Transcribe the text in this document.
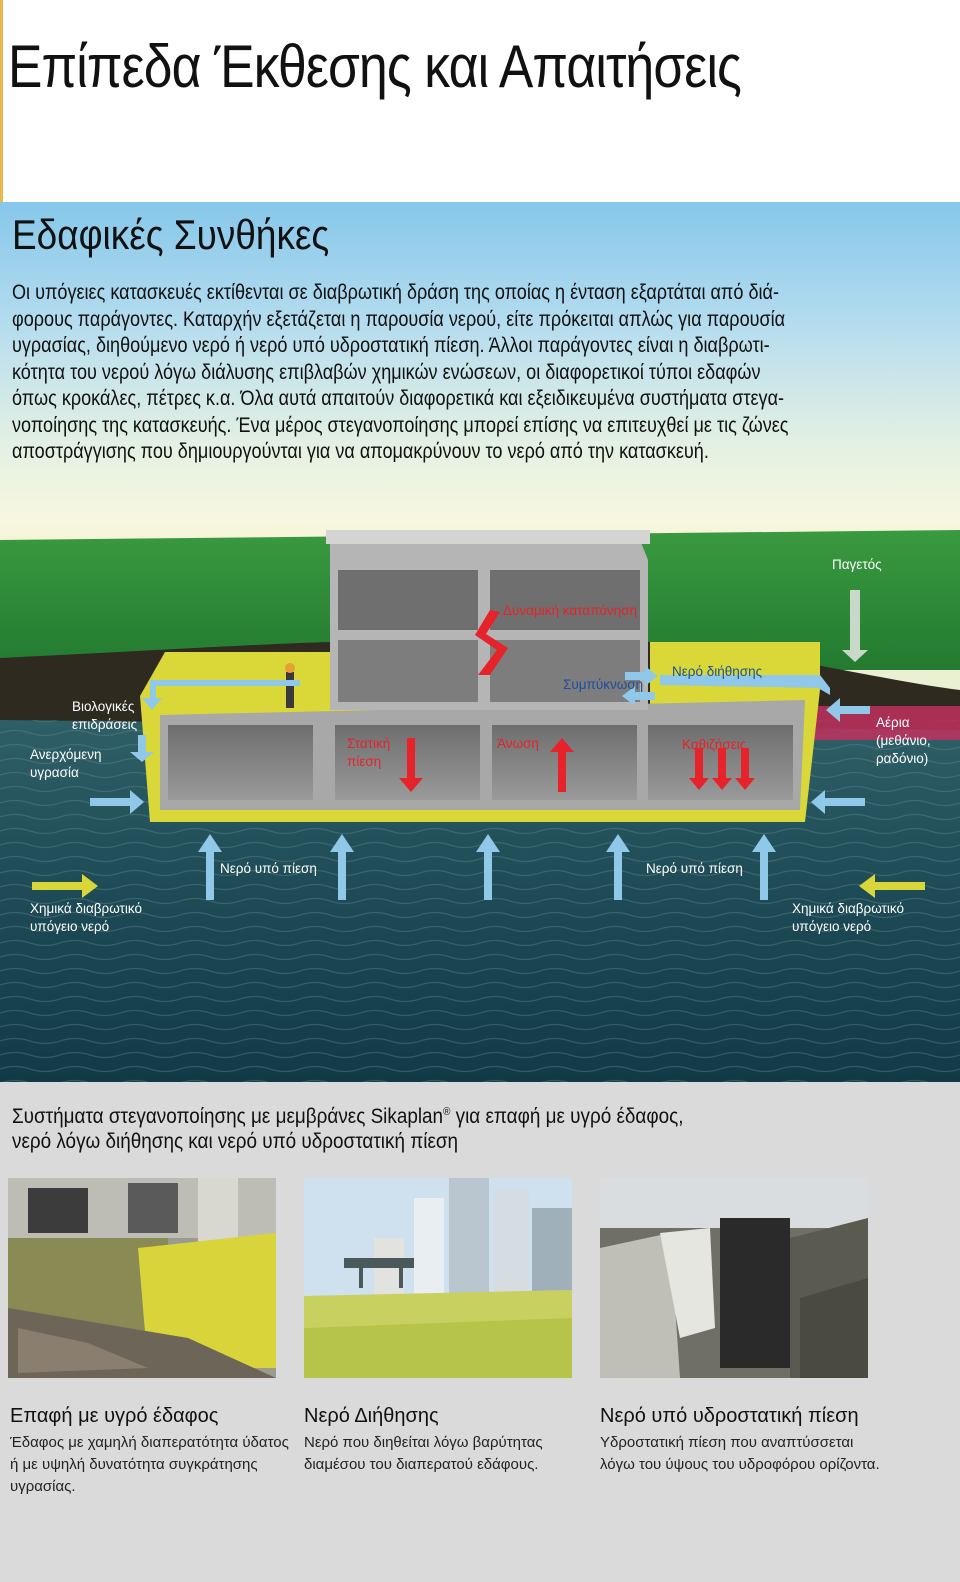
Επίπεδα Έκθεσης και Απαιτήσεις
Εδαφικές Συνθήκες

Οι υπόγειες κατασκευές εκτίθενται σε διαβρωτική δράση της οποίας η ένταση εξαρτάται από διά-

φορους παράγοντες. Καταρχήν εξετάζεται η παρουσία νερού, είτε πρόκειται απλώς για παρουσία

υγρασίας, διηθούμενο νερό ή νερό υπό υδροστατική πίεση. Άλλοι παράγοντες είναι η διαβρωτι-

κότητα του νερού λόγω διάλυσης επιβλαβών χημικών ενώσεων, οι διαφορετικοί τύποι εδαφών

όπως κροκάλες, πέτρες κ.α. Όλα αυτά απαιτούν διαφορετικά και εξειδικευμένα συστήματα στεγα-

νοποίησης της κατασκευής. Ένα μέρος στεγανοποίησης μπορεί επίσης να επιτευχθεί με τις ζώνες

αποστράγγισης που δημιουργούνται για να απομακρύνουν το νερό από την κατασκευή.

Παγετός
Δυναμική καταπόνηση
Συμπύκνωση
Νερό διήθησης
Βιολογικές
επιδράσεις
Ανερχόμενη
υγρασία
Στατική
πίεση
Άνωση	Καθιζήσεις
Αέρια
(μεθάνιο,
ραδόνιο)
Νερό υπό πίεση	Νερό υπό πίεση
Χημικά διαβρωτικό
υπόγειο νερό
Χημικά διαβρωτικό
υπόγειο νερό
Συστήματα στεγανοποίησης με μεμβράνες Sikaplan® για επαφή με υγρό έδαφος,
νερό λόγω διήθησης και νερό υπό υδροστατική πίεση
Επαφή με υγρό έδαφος
Έδαφος με χαμηλή διαπερατότητα ύδατος
ή με υψηλή δυνατότητα συγκράτησης
υγρασίας.
Νερό Διήθησης
Νερό που διηθείται λόγω βαρύτητας
διαμέσου του διαπερατού εδάφους.
Νερό υπό υδροστατική πίεση
Υδροστατική πίεση που αναπτύσσεται
λόγω του ύψους του υδροφόρου ορίζοντα.
